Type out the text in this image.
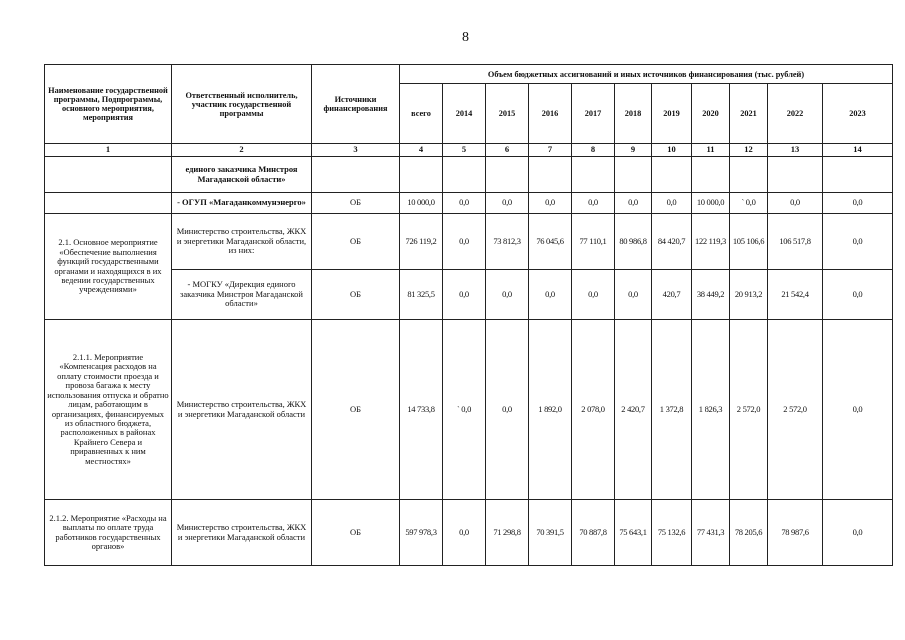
8
Наименование государственной программы, Подпрограммы, основного мероприятия, мероприятия	Ответственный исполнитель, участник государственной программы	Источники финансирования	Объем бюджетных ассигнований и иных источников финансирования (тыс. рублей)										
			всего	2014	2015	2016	2017	2018	2019	2020	2021	2022	2023
1	2	3	4	5	6	7	8	9	10	11	12	13	14
	единого заказчика Минстроя Магаданской области»												
	- ОГУП «Магаданкоммунэнерго»	ОБ	10 000,0	0,0	0,0	0,0	0,0	0,0	0,0	10 000,0	` 0,0	0,0	0,0
2.1. Основное мероприятие «Обеспечение выполнения функций государственными органами и находящихся в их ведении государственных учреждениями»	Министерство строительства, ЖКХ и энергетики Магаданской области, из них:	ОБ	726 119,2	0,0	73 812,3	76 045,6	77 110,1	80 986,8	84 420,7	122 119,3	105 106,6	106 517,8	0,0
	- МОГКУ «Дирекция единого заказчика Минстроя Магаданской области»	ОБ	81 325,5	0,0	0,0	0,0	0,0	0,0	420,7	38 449,2	20 913,2	21 542,4	0,0
2.1.1. Мероприятие «Компенсация расходов на оплату стоимости проезда и провоза багажа к месту использования отпуска и обратно лицам, работающим в организациях, финансируемых из областного бюджета, расположенных в районах Крайнего Севера и приравненных к ним местностях»	Министерство строительства, ЖКХ и энергетики Магаданской области	ОБ	14 733,8	` 0,0	0,0	1 892,0	2 078,0	2 420,7	1 372,8	1 826,3	2 572,0	2 572,0	0,0
2.1.2. Мероприятие «Расходы на выплаты по оплате труда работников государственных органов»	Министерство строительства, ЖКХ и энергетики Магаданской области	ОБ	597 978,3	0,0	71 298,8	70 391,5	70 887,8	75 643,1	75 132,6	77 431,3	78 205,6	78 987,6	0,0
